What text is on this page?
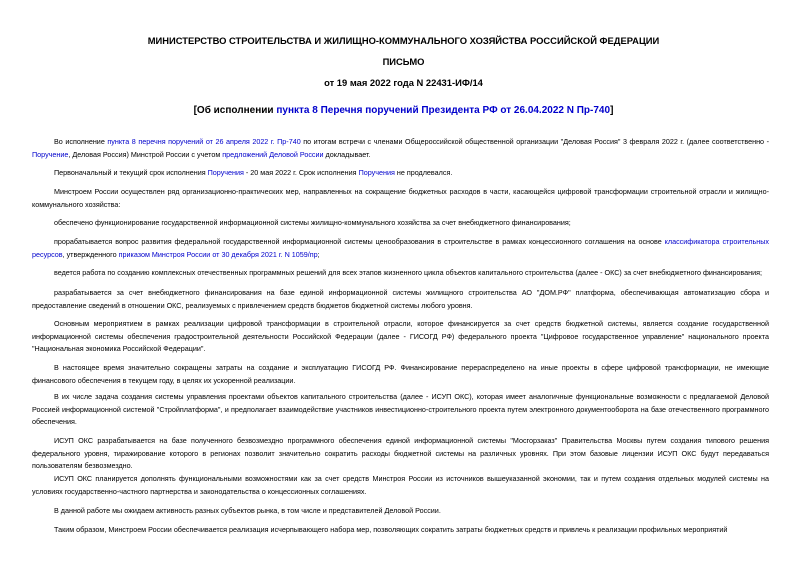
МИНИСТЕРСТВО СТРОИТЕЛЬСТВА И ЖИЛИЩНО-КОММУНАЛЬНОГО ХОЗЯЙСТВА РОССИЙСКОЙ ФЕДЕРАЦИИ
ПИСЬМО
от 19 мая 2022 года N 22431-ИФ/14
[Об исполнении пункта 8 Перечня поручений Президента РФ от 26.04.2022 N Пр-740]
Во исполнение пункта 8 перечня поручений от 26 апреля 2022 г. Пр-740 по итогам встречи с членами Общероссийской общественной организации "Деловая Россия" 3 февраля 2022 г. (далее соответственно - Поручение, Деловая Россия) Минстрой России с учетом предложений Деловой России докладывает.
Первоначальный и текущий срок исполнения Поручения - 20 мая 2022 г. Срок исполнения Поручения не продлевался.
Минстроем России осуществлен ряд организационно-практических мер, направленных на сокращение бюджетных расходов в части, касающейся цифровой трансформации строительной отрасли и жилищно-коммунального хозяйства:
обеспечено функционирование государственной информационной системы жилищно-коммунального хозяйства за счет внебюджетного финансирования;
прорабатывается вопрос развития федеральной государственной информационной системы ценообразования в строительстве в рамках концессионного соглашения на основе классификатора строительных ресурсов, утвержденного приказом Минстроя России от 30 декабря 2021 г. N 1059/пр;
ведется работа по созданию комплексных отечественных программных решений для всех этапов жизненного цикла объектов капитального строительства (далее - ОКС) за счет внебюджетного финансирования;
разрабатывается за счет внебюджетного финансирования на базе единой информационной системы жилищного строительства АО "ДОМ.РФ" платформа, обеспечивающая автоматизацию сбора и предоставление сведений в отношении ОКС, реализуемых с привлечением средств бюджетов бюджетной системы любого уровня.
Основным мероприятием в рамках реализации цифровой трансформации в строительной отрасли, которое финансируется за счет средств бюджетной системы, является создание государственной информационной системы обеспечения градостроительной деятельности Российской Федерации (далее - ГИСОГД РФ) федерального проекта "Цифровое государственное управление" национального проекта "Национальная экономика Российской Федерации".
В настоящее время значительно сокращены затраты на создание и эксплуатацию ГИСОГД РФ. Финансирование перераспределено на иные проекты в сфере цифровой трансформации, не имеющие финансового обеспечения в текущем году, в целях их ускоренной реализации.
В их числе задача создания системы управления проектами объектов капитального строительства (далее - ИСУП ОКС), которая имеет аналогичные функциональные возможности с предлагаемой Деловой Россией информационной системой "Стройплатформа", и предполагает взаимодействие участников инвестиционно-строительного проекта путем электронного документооборота на базе отечественного программного обеспечения.
ИСУП ОКС разрабатывается на базе полученного безвозмездно программного обеспечения единой информационной системы "Мосгорзаказ" Правительства Москвы путем создания типового решения федерального уровня, тиражирование которого в регионах позволит значительно сократить расходы бюджетной системы на различных уровнях. При этом базовые лицензии ИСУП ОКС будут передаваться пользователям безвозмездно.
ИСУП ОКС планируется дополнять функциональными возможностями как за счет средств Минстроя России из источников вышеуказанной экономии, так и путем создания отдельных модулей системы на условиях государственно-частного партнерства и законодательства о концессионных соглашениях.
В данной работе мы ожидаем активность разных субъектов рынка, в том числе и представителей Деловой России.
Таким образом, Минстроем России обеспечивается реализация исчерпывающего набора мер, позволяющих сократить затраты бюджетных средств и привлечь к реализации профильных мероприятий
